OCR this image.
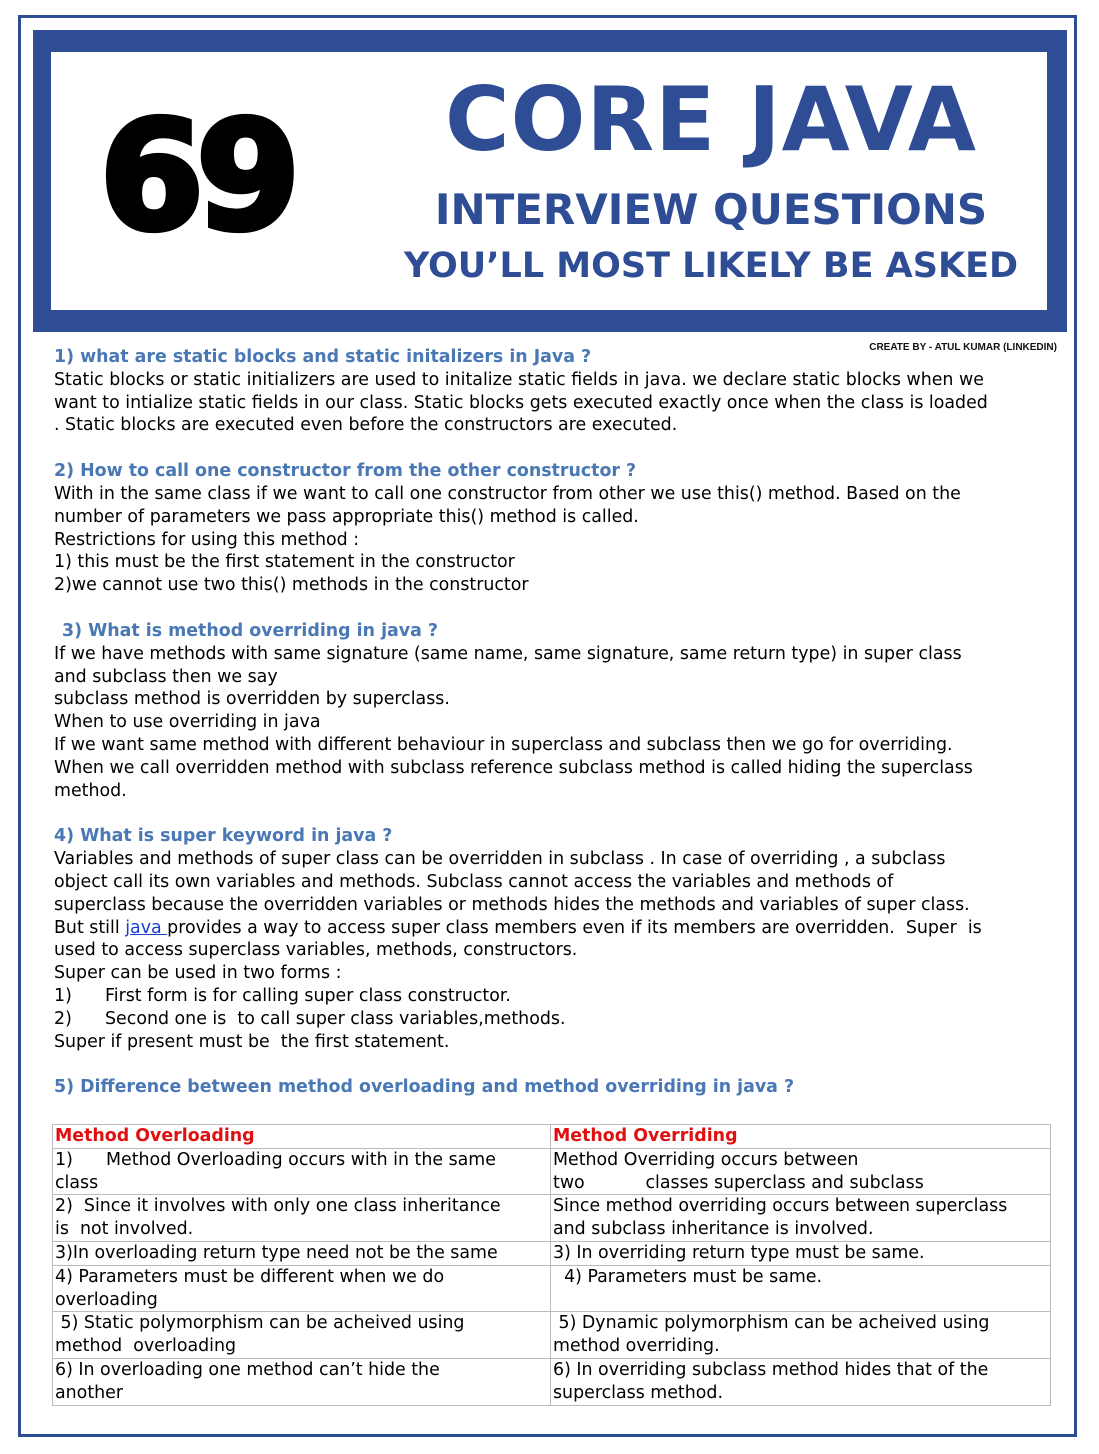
69	CORE JAVA
INTERVIEW QUESTIONS
YOU’LL MOST LIKELY BE ASKED
CREATE BY - ATUL KUMAR (LINKEDIN)

1) what are static blocks and static initalizers in Java ?

Static blocks or static initializers are used to initalize static fields in java. we declare static blocks when we

want to intialize static fields in our class. Static blocks gets executed exactly once when the class is loaded

. Static blocks are executed even before the constructors are executed.

2) How to call one constructor from the other constructor ?

With in the same class if we want to call one constructor from other we use this() method. Based on the

number of parameters we pass appropriate this() method is called.

Restrictions for using this method :

1) this must be the first statement in the constructor

2)we cannot use two this() methods in the constructor

3) What is method overriding in java ?

If we have methods with same signature (same name, same signature, same return type) in super class

and subclass then we say

subclass method is overridden by superclass.

When to use overriding in java

If we want same method with different behaviour in superclass and subclass then we go for overriding.

When we call overridden method with subclass reference subclass method is called hiding the superclass

method.

4) What is super keyword in java ?

Variables and methods of super class can be overridden in subclass . In case of overriding , a subclass

object call its own variables and methods. Subclass cannot access the variables and methods of

superclass because the overridden variables or methods hides the methods and variables of super class.

But still java provides a way to access super class members even if its members are overridden.  Super  is

used to access superclass variables, methods, constructors.

Super can be used in two forms :

1)      First form is for calling super class constructor.

2)      Second one is  to call super class variables,methods.

Super if present must be  the first statement.

5) Difference between method overloading and method overriding in java ?

Method Overloading	Method Overriding
1)      Method Overloading occurs with in the same
class	Method Overriding occurs between
two           classes superclass and subclass
2)  Since it involves with only one class inheritance
is  not involved.	Since method overriding occurs between superclass
and subclass inheritance is involved.
3)In overloading return type need not be the same	3) In overriding return type must be same.
4) Parameters must be different when we do
overloading	4) Parameters must be same.
5) Static polymorphism can be acheived using
method  overloading	5) Dynamic polymorphism can be acheived using
method overriding.
6) In overloading one method can’t hide the
another	6) In overriding subclass method hides that of the
superclass method.
